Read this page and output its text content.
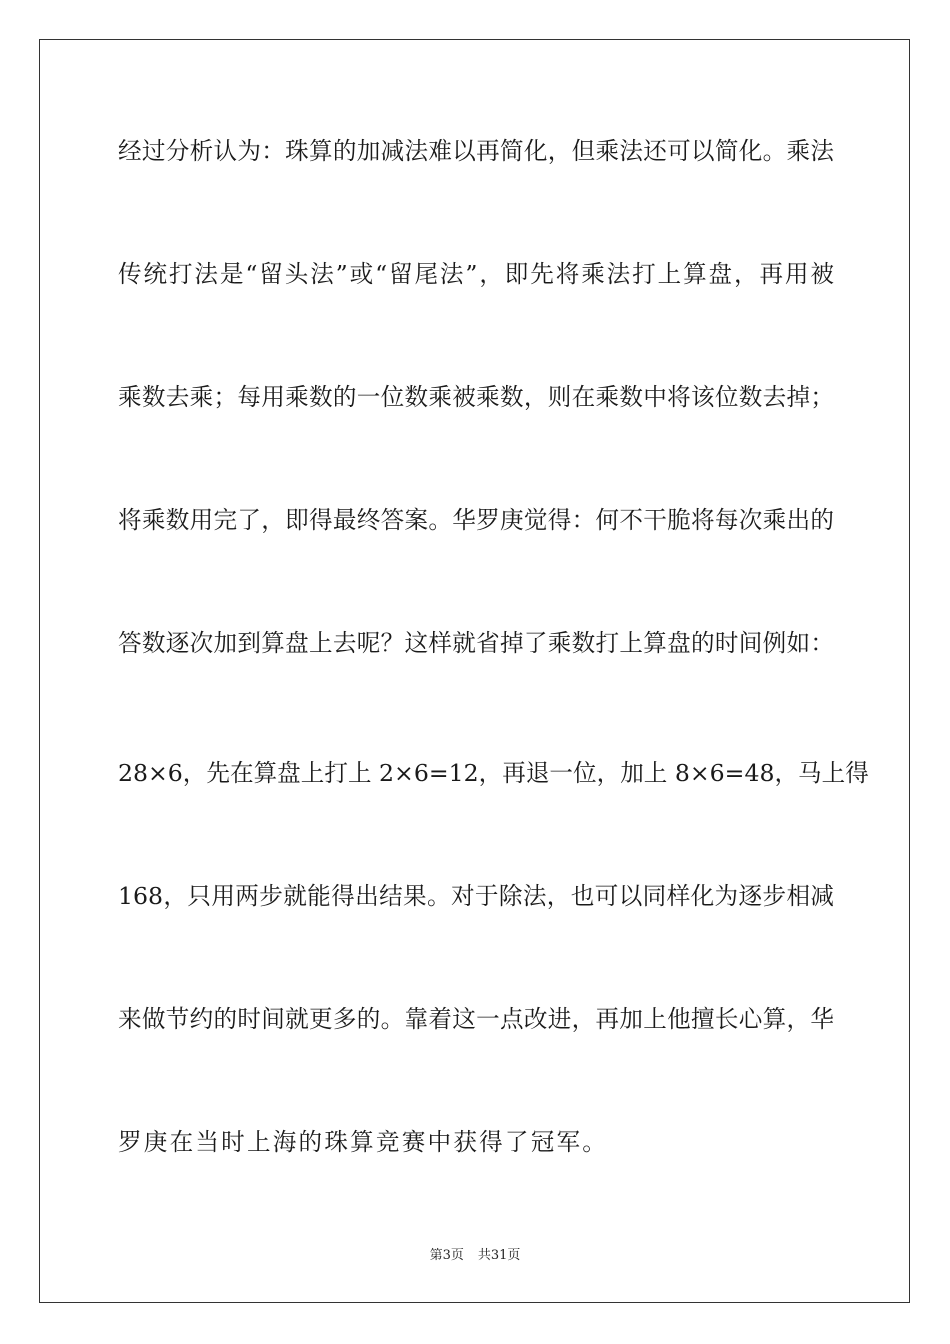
经过分析认为：珠算的加减法难以再简化，但乘法还可以简化。乘法
传统打法是“留头法”或“留尾法”，即先将乘法打上算盘，再用被
乘数去乘；每用乘数的一位数乘被乘数，则在乘数中将该位数去掉；
将乘数用完了，即得最终答案。华罗庚觉得：何不干脆将每次乘出的
答数逐次加到算盘上去呢？这样就省掉了乘数打上算盘的时间例如：
28×6，先在算盘上打上 2×6=12，再退一位，加上 8×6=48，马上得
168，只用两步就能得出结果。对于除法，也可以同样化为逐步相减
来做节约的时间就更多的。靠着这一点改进，再加上他擅长心算，华
罗庚在当时上海的珠算竞赛中获得了冠军。
第3页 共31页
